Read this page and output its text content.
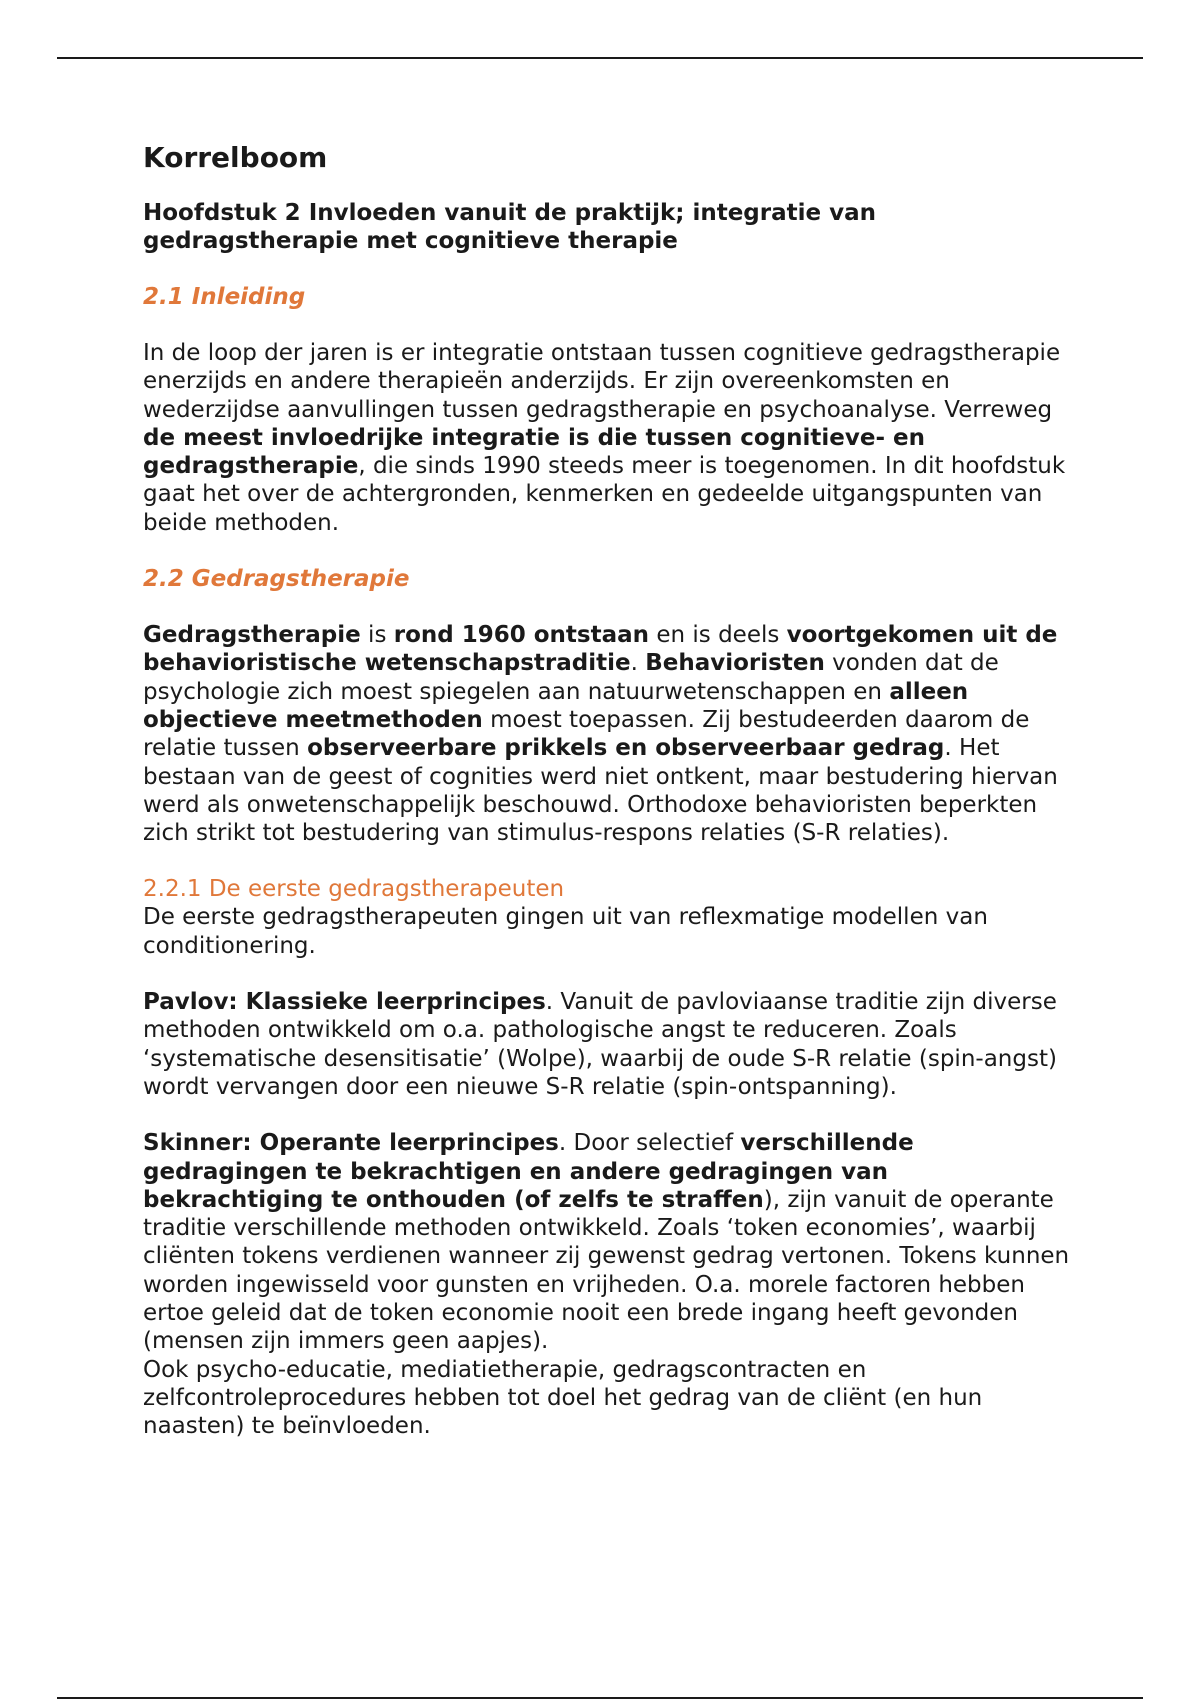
Korrelboom
Hoofdstuk 2 Invloeden vanuit de praktijk; integratie van gedragstherapie met cognitieve therapie
2.1 Inleiding

In de loop der jaren is er integratie ontstaan tussen cognitieve gedragstherapie enerzijds en andere therapieën anderzijds. Er zijn overeenkomsten en wederzijdse aanvullingen tussen gedragstherapie en psychoanalyse. Verreweg de meest invloedrijke integratie is die tussen cognitieve- en gedragstherapie, die sinds 1990 steeds meer is toegenomen. In dit hoofdstuk gaat het over de achtergronden, kenmerken en gedeelde uitgangspunten van beide methoden.

2.2 Gedragstherapie

Gedragstherapie is rond 1960 ontstaan en is deels voortgekomen uit de behavioristische wetenschapstraditie. Behavioristen vonden dat de psychologie zich moest spiegelen aan natuurwetenschappen en alleen objectieve meetmethoden moest toepassen. Zij bestudeerden daarom de relatie tussen observeerbare prikkels en observeerbaar gedrag. Het bestaan van de geest of cognities werd niet ontkent, maar bestudering hiervan werd als onwetenschappelijk beschouwd. Orthodoxe behavioristen beperkten zich strikt tot bestudering van stimulus-respons relaties (S-R relaties).

2.2.1 De eerste gedragstherapeuten

De eerste gedragstherapeuten gingen uit van reflexmatige modellen van conditionering.

Pavlov: Klassieke leerprincipes. Vanuit de pavloviaanse traditie zijn diverse methoden ontwikkeld om o.a. pathologische angst te reduceren. Zoals ‘systematische desensitisatie’ (Wolpe), waarbij de oude S-R relatie (spin-angst) wordt vervangen door een nieuwe S-R relatie (spin-ontspanning).

Skinner: Operante leerprincipes. Door selectief verschillende gedragingen te bekrachtigen en andere gedragingen van bekrachtiging te onthouden (of zelfs te straffen), zijn vanuit de operante traditie verschillende methoden ontwikkeld. Zoals ‘token economies’, waarbij cliënten tokens verdienen wanneer zij gewenst gedrag vertonen. Tokens kunnen worden ingewisseld voor gunsten en vrijheden. O.a. morele factoren hebben ertoe geleid dat de token economie nooit een brede ingang heeft gevonden (mensen zijn immers geen aapjes).

Ook psycho-educatie, mediatietherapie, gedragscontracten en zelfcontroleprocedures hebben tot doel het gedrag van de cliënt (en hun naasten) te beïnvloeden.
